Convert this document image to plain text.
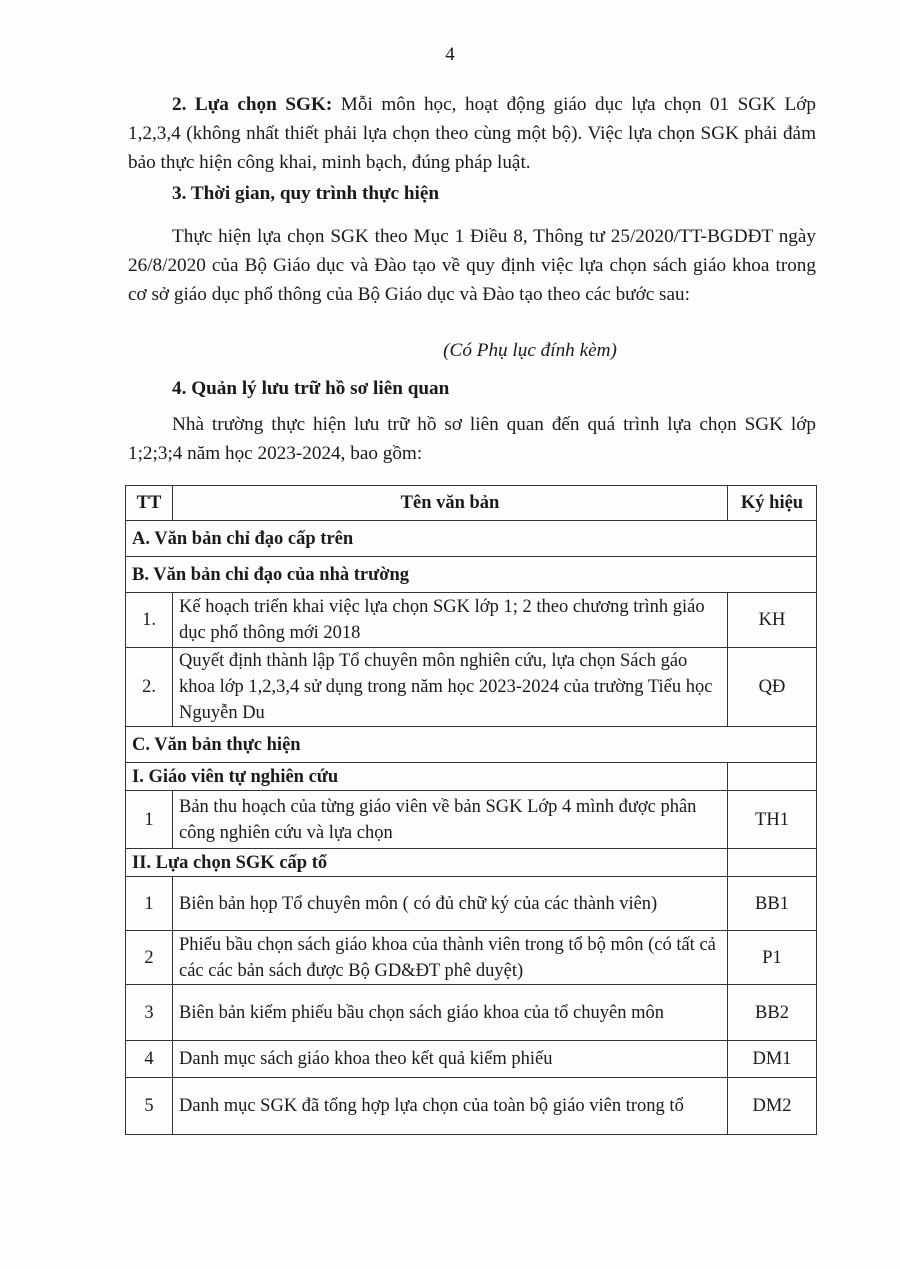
4
2. Lựa chọn SGK: Mỗi môn học, hoạt động giáo dục lựa chọn 01 SGK Lớp 1,2,3,4 (không nhất thiết phải lựa chọn theo cùng một bộ). Việc lựa chọn SGK phải đảm bảo thực hiện công khai, minh bạch, đúng pháp luật.
3. Thời gian, quy trình thực hiện
Thực hiện lựa chọn SGK theo Mục 1 Điều 8, Thông tư 25/2020/TT-BGDĐT ngày 26/8/2020 của Bộ Giáo dục và Đào tạo về quy định việc lựa chọn sách giáo khoa trong cơ sở giáo dục phổ thông của Bộ Giáo dục và Đào tạo theo các bước sau:
(Có Phụ lục đính kèm)
4. Quản lý lưu trữ hồ sơ liên quan
Nhà trường thực hiện lưu trữ hồ sơ liên quan đến quá trình lựa chọn SGK lớp 1;2;3;4 năm học 2023-2024, bao gồm:
TT	Tên văn bản	Ký hiệu
A. Văn bản chỉ đạo cấp trên		
B. Văn bản chỉ đạo của nhà trường		
1.	Kế hoạch triển khai việc lựa chọn SGK lớp 1; 2 theo chương trình giáo dục phổ thông mới 2018	KH
2.	Quyết định thành lập Tổ chuyên môn nghiên cứu, lựa chọn Sách gáo khoa lớp 1,2,3,4 sử dụng trong năm học 2023-2024 của trường Tiểu học Nguyễn Du	QĐ
C. Văn bản thực hiện		
I. Giáo viên tự nghiên cứu		
1	Bản thu hoạch của từng giáo viên về bản SGK Lớp 4 mình được phân công nghiên cứu và lựa chọn	TH1
II. Lựa chọn SGK cấp tổ		
1	Biên bản họp Tổ chuyên môn ( có đủ chữ ký của các thành viên)	BB1
2	Phiếu bầu chọn sách giáo khoa của thành viên trong tổ bộ môn (có tất cả các các bản sách được Bộ GD&ĐT phê duyệt)	P1
3	Biên bản kiểm phiếu bầu chọn sách giáo khoa của tổ chuyên môn	BB2
4	Danh mục sách giáo khoa theo kết quả kiểm phiếu	DM1
5	Danh mục SGK đã tổng hợp lựa chọn của toàn bộ giáo viên trong tổ	DM2
